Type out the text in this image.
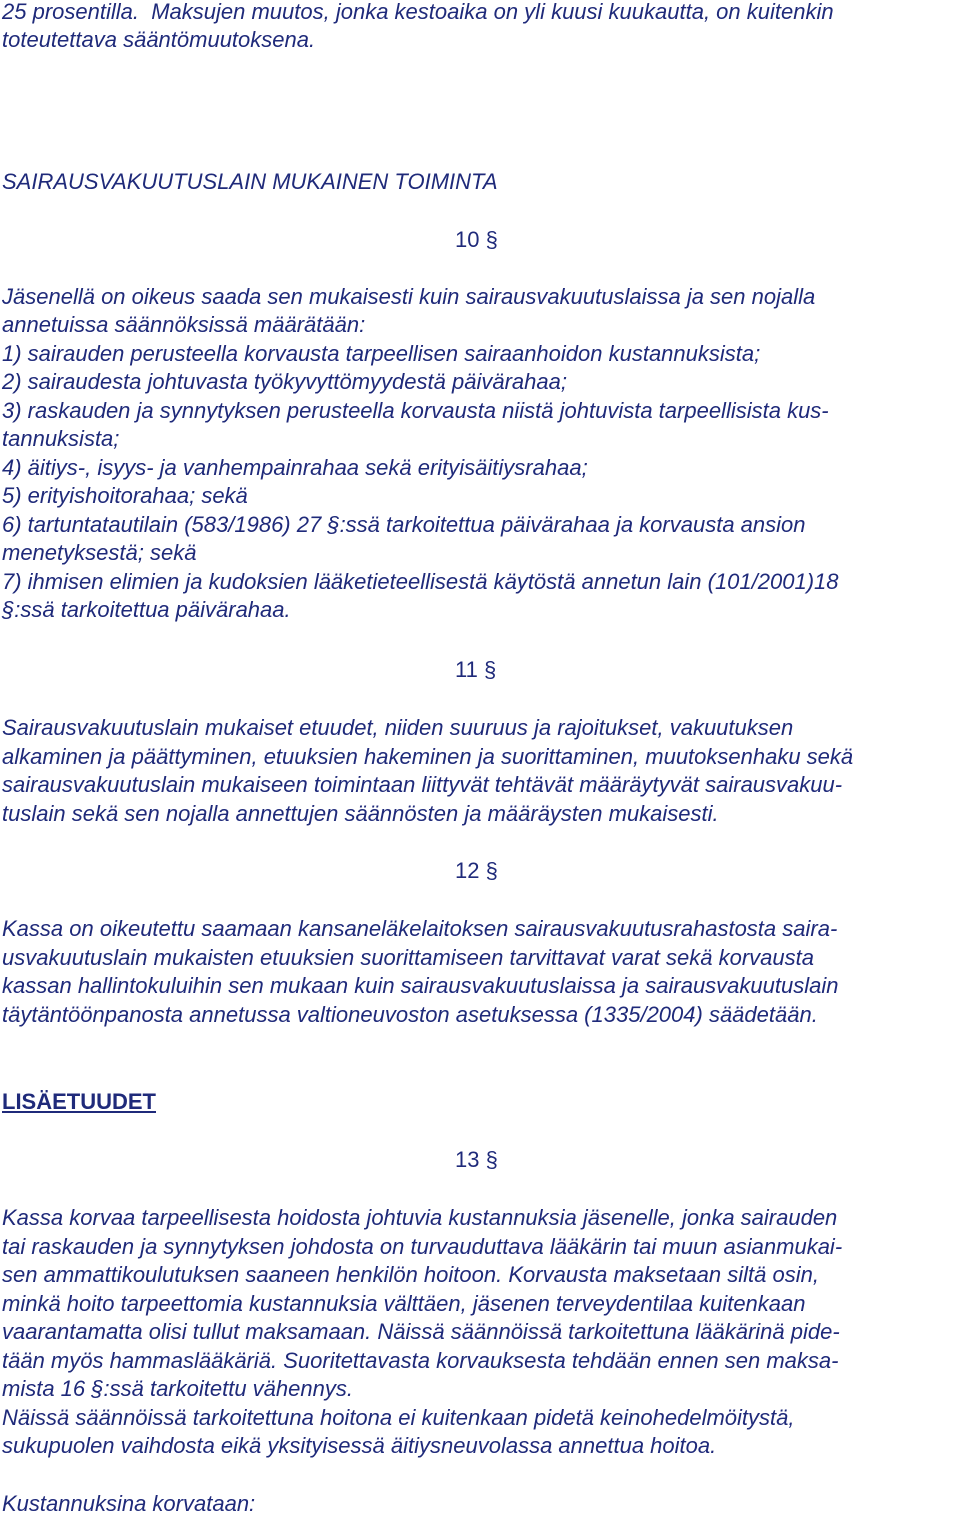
25 prosentilla.  Maksujen muutos, jonka kestoaika on yli kuusi kuukautta, on kuitenkin

toteutettava sääntömuutoksena.

SAIRAUSVAKUUTUSLAIN MUKAINEN TOIMINTA

10 §

Jäsenellä on oikeus saada sen mukaisesti kuin sairausvakuutuslaissa ja sen nojalla

annetuissa säännöksissä määrätään:

1) sairauden perusteella korvausta tarpeellisen sairaanhoidon kustannuksista;

2) sairaudesta johtuvasta työkyvyttömyydestä päivärahaa;

3) raskauden ja synnytyksen perusteella korvausta niistä johtuvista tarpeellisista kus-

tannuksista;

4) äitiys-, isyys- ja vanhempainrahaa sekä erityisäitiysrahaa;

5) erityishoitorahaa; sekä

6) tartuntatautilain (583/1986) 27 §:ssä tarkoitettua päivärahaa ja korvausta ansion

menetyksestä; sekä

7) ihmisen elimien ja kudoksien lääketieteellisestä käytöstä annetun lain (101/2001)18

§:ssä tarkoitettua päivärahaa.

11 §

Sairausvakuutuslain mukaiset etuudet, niiden suuruus ja rajoitukset, vakuutuksen

alkaminen ja päättyminen, etuuksien hakeminen ja suorittaminen, muutoksenhaku sekä

sairausvakuutuslain mukaiseen toimintaan liittyvät tehtävät määräytyvät sairausvakuu-

tuslain sekä sen nojalla annettujen säännösten ja määräysten mukaisesti.

12 §

Kassa on oikeutettu saamaan kansaneläkelaitoksen sairausvakuutusrahastosta saira-

usvakuutuslain mukaisten etuuksien suorittamiseen tarvittavat varat sekä korvausta

kassan hallintokuluihin sen mukaan kuin sairausvakuutuslaissa ja sairausvakuutuslain

täytäntöönpanosta annetussa valtioneuvoston asetuksessa (1335/2004) säädetään.

LISÄETUUDET

13 §

Kassa korvaa tarpeellisesta hoidosta johtuvia kustannuksia jäsenelle, jonka sairauden

tai raskauden ja synnytyksen johdosta on turvauduttava lääkärin tai muun asianmukai-

sen ammattikoulutuksen saaneen henkilön hoitoon. Korvausta maksetaan siltä osin,

minkä hoito tarpeettomia kustannuksia välttäen, jäsenen terveydentilaa kuitenkaan

vaarantamatta olisi tullut maksamaan. Näissä säännöissä tarkoitettuna lääkärinä pide-

tään myös hammaslääkäriä. Suoritettavasta korvauksesta tehdään ennen sen maksa-

mista 16 §:ssä tarkoitettu vähennys.

Näissä säännöissä tarkoitettuna hoitona ei kuitenkaan pidetä keinohedelmöitystä,

sukupuolen vaihdosta eikä yksityisessä äitiysneuvolassa annettua hoitoa.

Kustannuksina korvataan:
